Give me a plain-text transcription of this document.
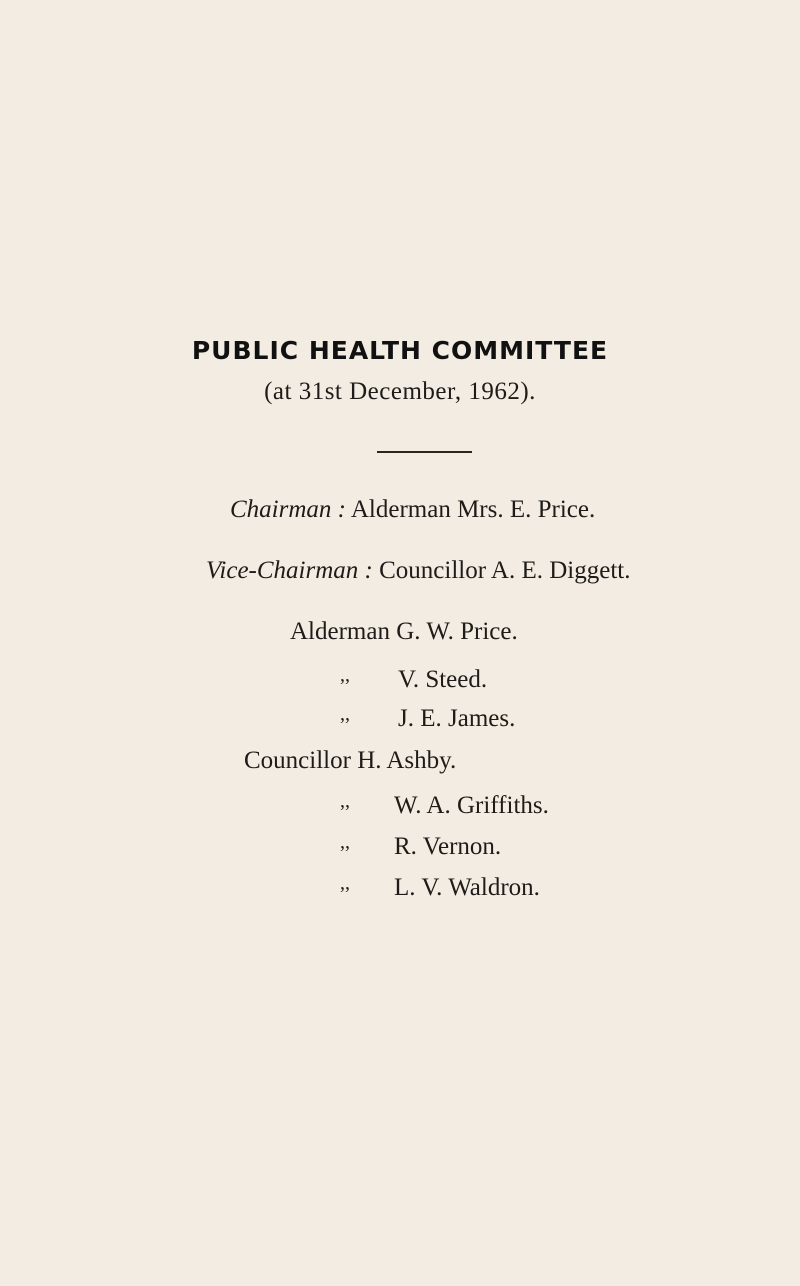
PUBLIC HEALTH COMMITTEE
(at 31st December, 1962).
Chairman : Alderman Mrs. E. Price.
Vice-Chairman : Councillor A. E. Diggett.
Alderman G. W. Price.
,, V. Steed.
,, J. E. James.
Councillor H. Ashby.
,, W. A. Griffiths.
,, R. Vernon.
,, L. V. Waldron.
